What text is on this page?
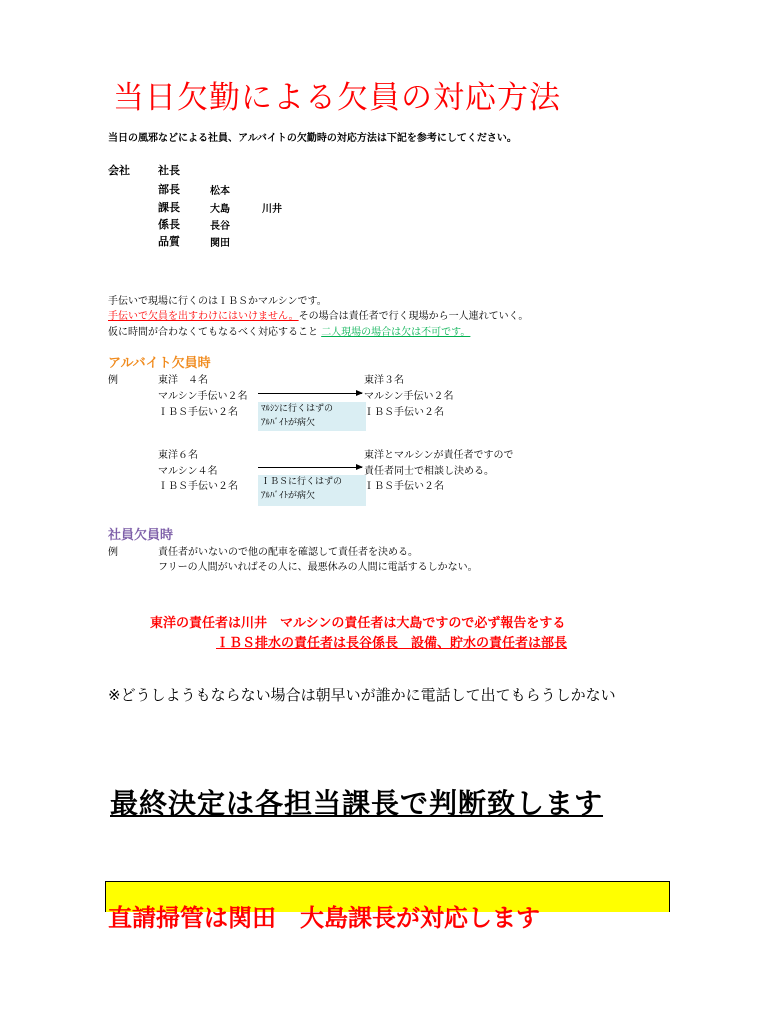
当日欠勤による欠員の対応方法
当日の風邪などによる社員、アルバイトの欠勤時の対応方法は下記を参考にしてください。
会社	社長
部長	松本
課長	大島	川井
係長	長谷
品質	関田
手伝いで現場に行くのはＩＢＳかマルシンです。
手伝いで欠員を出すわけにはいけません。その場合は責任者で行く現場から一人連れていく。
仮に時間が合わなくてもなるべく対応すること 二人現場の場合は欠は不可です。
アルバイト欠員時
例	東洋　４名
マルシン手伝い２名
ＩＢＳ手伝い２名	ﾏﾙｼﾝに行くはずの
ｱﾙﾊﾞｲﾄが病欠
東洋３名
マルシン手伝い２名
ＩＢＳ手伝い２名
東洋６名
マルシン４名
ＩＢＳ手伝い２名	ＩＢＳに行くはずの
ｱﾙﾊﾞｲﾄが病欠
東洋とマルシンが責任者ですので
責任者同士で相談し決める。
ＩＢＳ手伝い２名
社員欠員時
例	責任者がいないので他の配車を確認して責任者を決める。
フリーの人間がいればその人に、最悪休みの人間に電話するしかない。
東洋の責任者は川井　マルシンの責任者は大島ですので必ず報告をする
ＩＢＳ排水の責任者は長谷係長　設備、貯水の責任者は部長
※どうしようもならない場合は朝早いが誰かに電話して出てもらうしかない
最終決定は各担当課長で判断致します
直請掃管は関田　大島課長が対応します
